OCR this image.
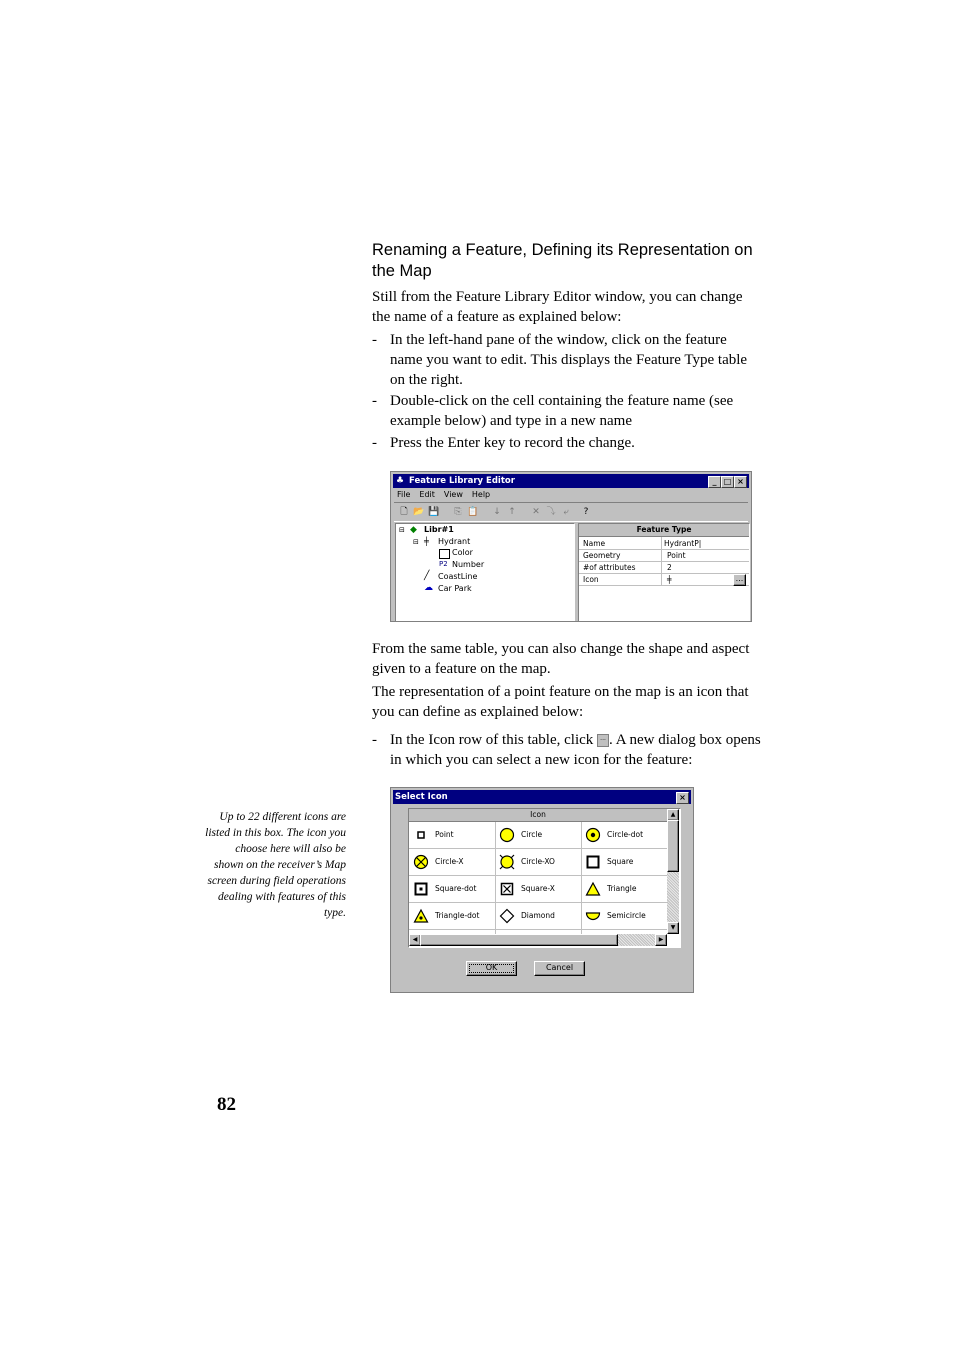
Renaming a Feature, Defining its Representation on the Map
Still from the Feature Library Editor window, you can change the name of a feature as explained below:
- In the left-hand pane of the window, click on the feature name you want to edit. This displays the Feature Type table on the right.
- Double-click on the cell containing the feature name (see example below) and type in a new name
- Press the Enter key to record the change.
♣ Feature Library Editor	_ □ ×
File Edit View Help
🗋 📂 💾 ⎘ 📋 ↓ ↑ ✕ ⤵ ⤶	?
⊟ ◆ Libr#1
⊟ ╪ Hydrant
Color
P2 Number
╱ CoastLine
☁ Car Park
Feature Type
Name	HydrantP|
Geometry	Point
#of attributes	2
Icon	╪	...
From the same table, you can also change the shape and aspect given to a feature on the map.
The representation of a point feature on the map is an icon that you can define as explained below:
- In the Icon row of this table, click ... . A new dialog box opens in which you can select a new icon for the feature:
Up to 22 different icons are listed in this box. The icon you choose here will also be shown on the receiver’s Map screen during field operations dealing with features of this type.
Select Icon	×
Icon
Point	Circle	Circle-dot
Circle-X	Circle-XO	Square
Square-dot	Square-X	Triangle
Triangle-dot	Diamond	Semicircle
▲
▼
◀	▶
OK	Cancel
82
